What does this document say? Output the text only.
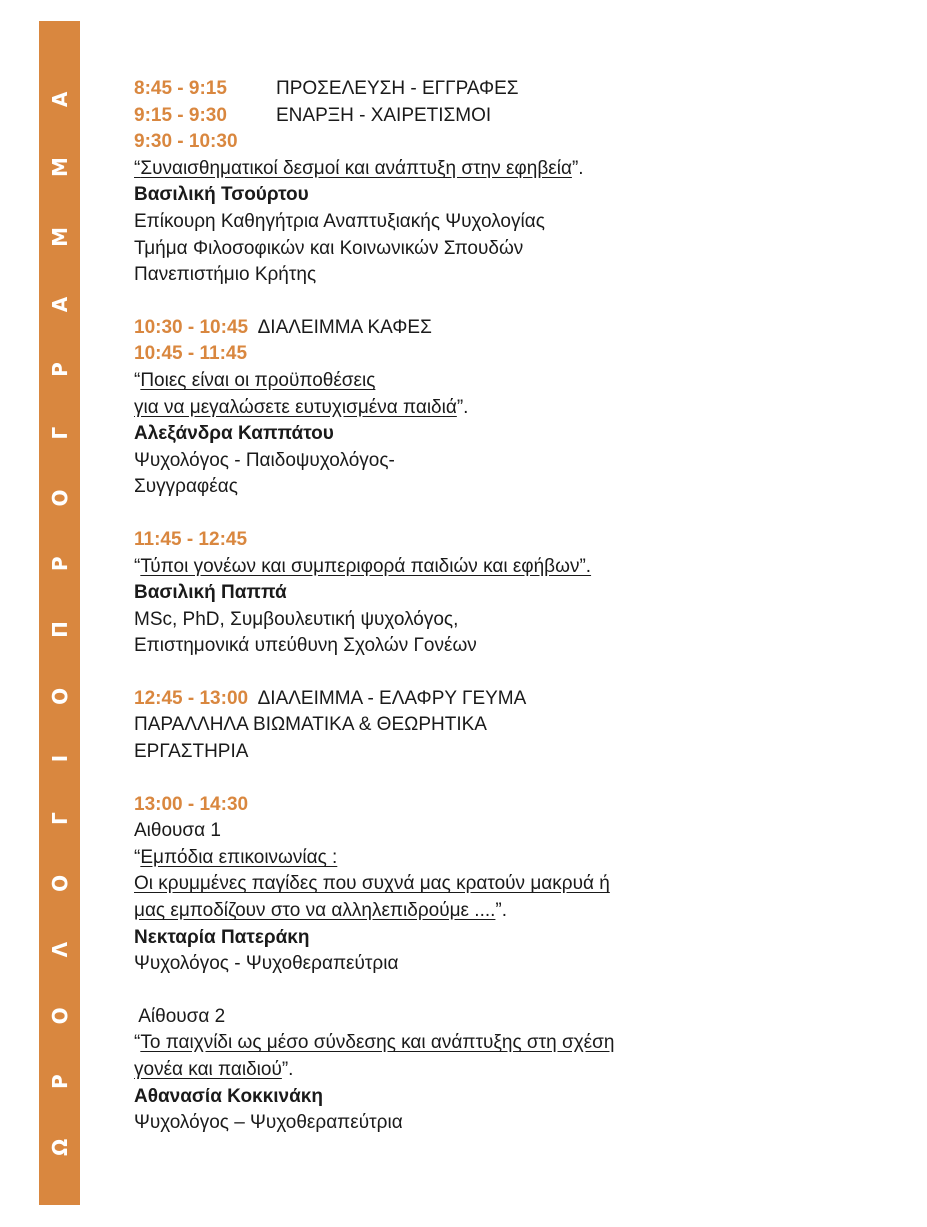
Ω Ρ Ο Λ Ο Γ Ι Ο Π Ρ Ο Γ Ρ Α Μ Μ Α	8:45 - 9:15	ΠΡΟΣΕΛΕΥΣΗ - ΕΓΓΡΑΦΕΣ
9:15 - 9:30	ΕΝΑΡΞΗ - ΧΑΙΡΕΤΙΣΜΟΙ
9:30 - 10:30
“Συναισθηματικοί δεσμοί και ανάπτυξη στην εφηβεία”.
Βασιλική Τσούρτου
Επίκουρη Καθηγήτρια Αναπτυξιακής Ψυχολογίας
Τμήμα Φιλοσοφικών και Κοινωνικών Σπουδών
Πανεπιστήμιο Κρήτης
10:30 - 10:45 ΔΙΑΛΕΙΜΜΑ ΚΑΦΕΣ
10:45 - 11:45
“Ποιες είναι οι προϋποθέσεις
για να μεγαλώσετε ευτυχισμένα παιδιά”.
Αλεξάνδρα Καππάτου
Ψυχολόγος - Παιδοψυχολόγος-
Συγγραφέας
11:45 - 12:45
“Τύποι γονέων και συμπεριφορά παιδιών και εφήβων”.
Βασιλική Παππά
MSc, PhD, Συμβουλευτική ψυχολόγος,
Επιστημονικά υπεύθυνη Σχολών Γονέων
12:45 - 13:00 ΔΙΑΛΕΙΜΜΑ - ΕΛΑΦΡΥ ΓΕΥΜΑ
ΠΑΡΑΛΛΗΛΑ ΒΙΩΜΑΤΙΚΑ & ΘΕΩΡΗΤΙΚΑ
ΕΡΓΑΣΤΗΡΙΑ
13:00 - 14:30
Αιθουσα 1
“Εμπόδια επικοινωνίας :
Οι κρυμμένες παγίδες που συχνά μας κρατούν μακρυά ή
μας εμποδίζουν στο να αλληλεπιδρούμε ....”.
Νεκταρία Πατεράκη
Ψυχολόγος - Ψυχοθεραπεύτρια
Αίθουσα 2
“Το παιχνίδι ως μέσο σύνδεσης και ανάπτυξης στη σχέση
γονέα και παιδιού”.
Αθανασία Κοκκινάκη
Ψυχολόγος – Ψυχοθεραπεύτρια
